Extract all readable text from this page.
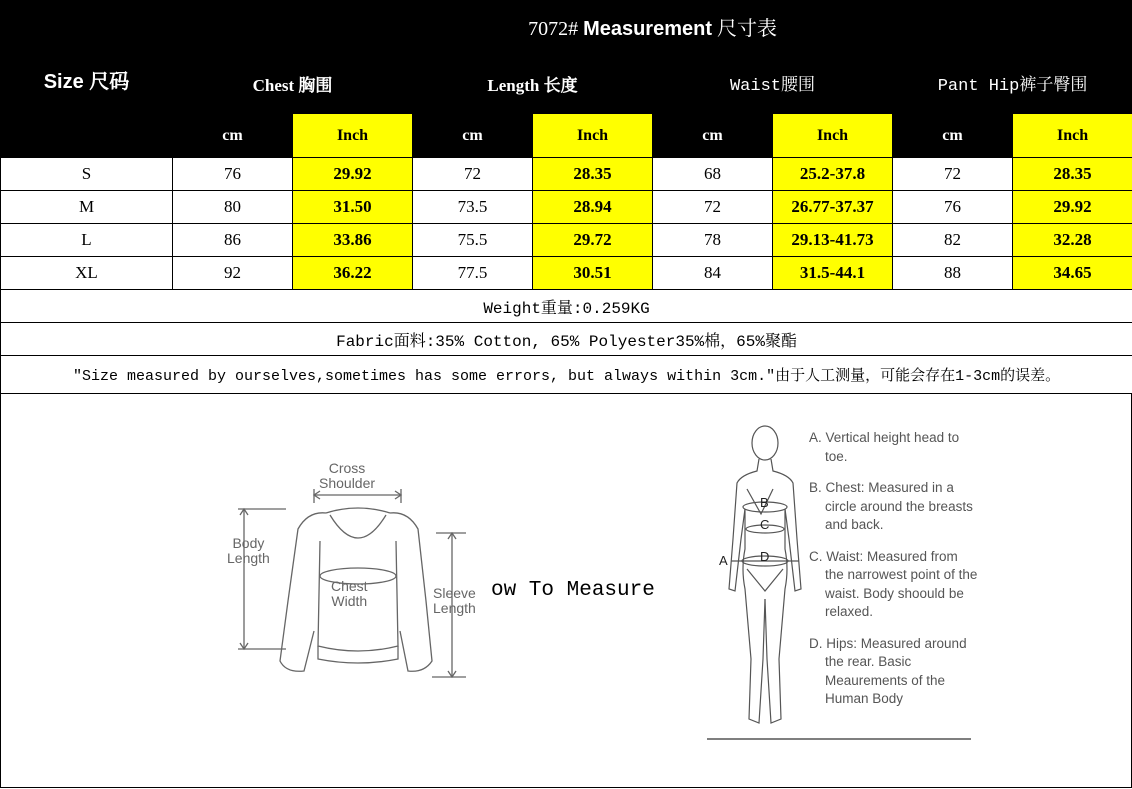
Size 尺码	7072# Measurement 尺寸表							
	Chest 胸围		Length 长度		Waist腰围		Pant Hip裤子臀围	
	cm	Inch	cm	Inch	cm	Inch	cm	Inch
S	76	29.92	72	28.35	68	25.2-37.8	72	28.35
M	80	31.50	73.5	28.94	72	26.77-37.37	76	29.92
L	86	33.86	75.5	29.72	78	29.13-41.73	82	32.28
XL	92	36.22	77.5	30.51	84	31.5-44.1	88	34.65
Weight重量:0.259KG								
Fabric面料:35% Cotton, 65% Polyester35%棉，65%聚酯								
"Size measured by ourselves,sometimes has some errors, but always within 3cm."由于人工测量，可能会存在1-3cm的误差。								
Cross
Shoulder
Body
Length
Chest
Width	Sleeve
Length
ow To Measure
B
C
D
A
A. Vertical height head to toe.
B. Chest: Measured in a circle around the breasts and back.
C. Waist: Measured from the narrowest point of the waist. Body shoould be relaxed.
D. Hips: Measured around the rear. Basic Meaurements of the Human Body
